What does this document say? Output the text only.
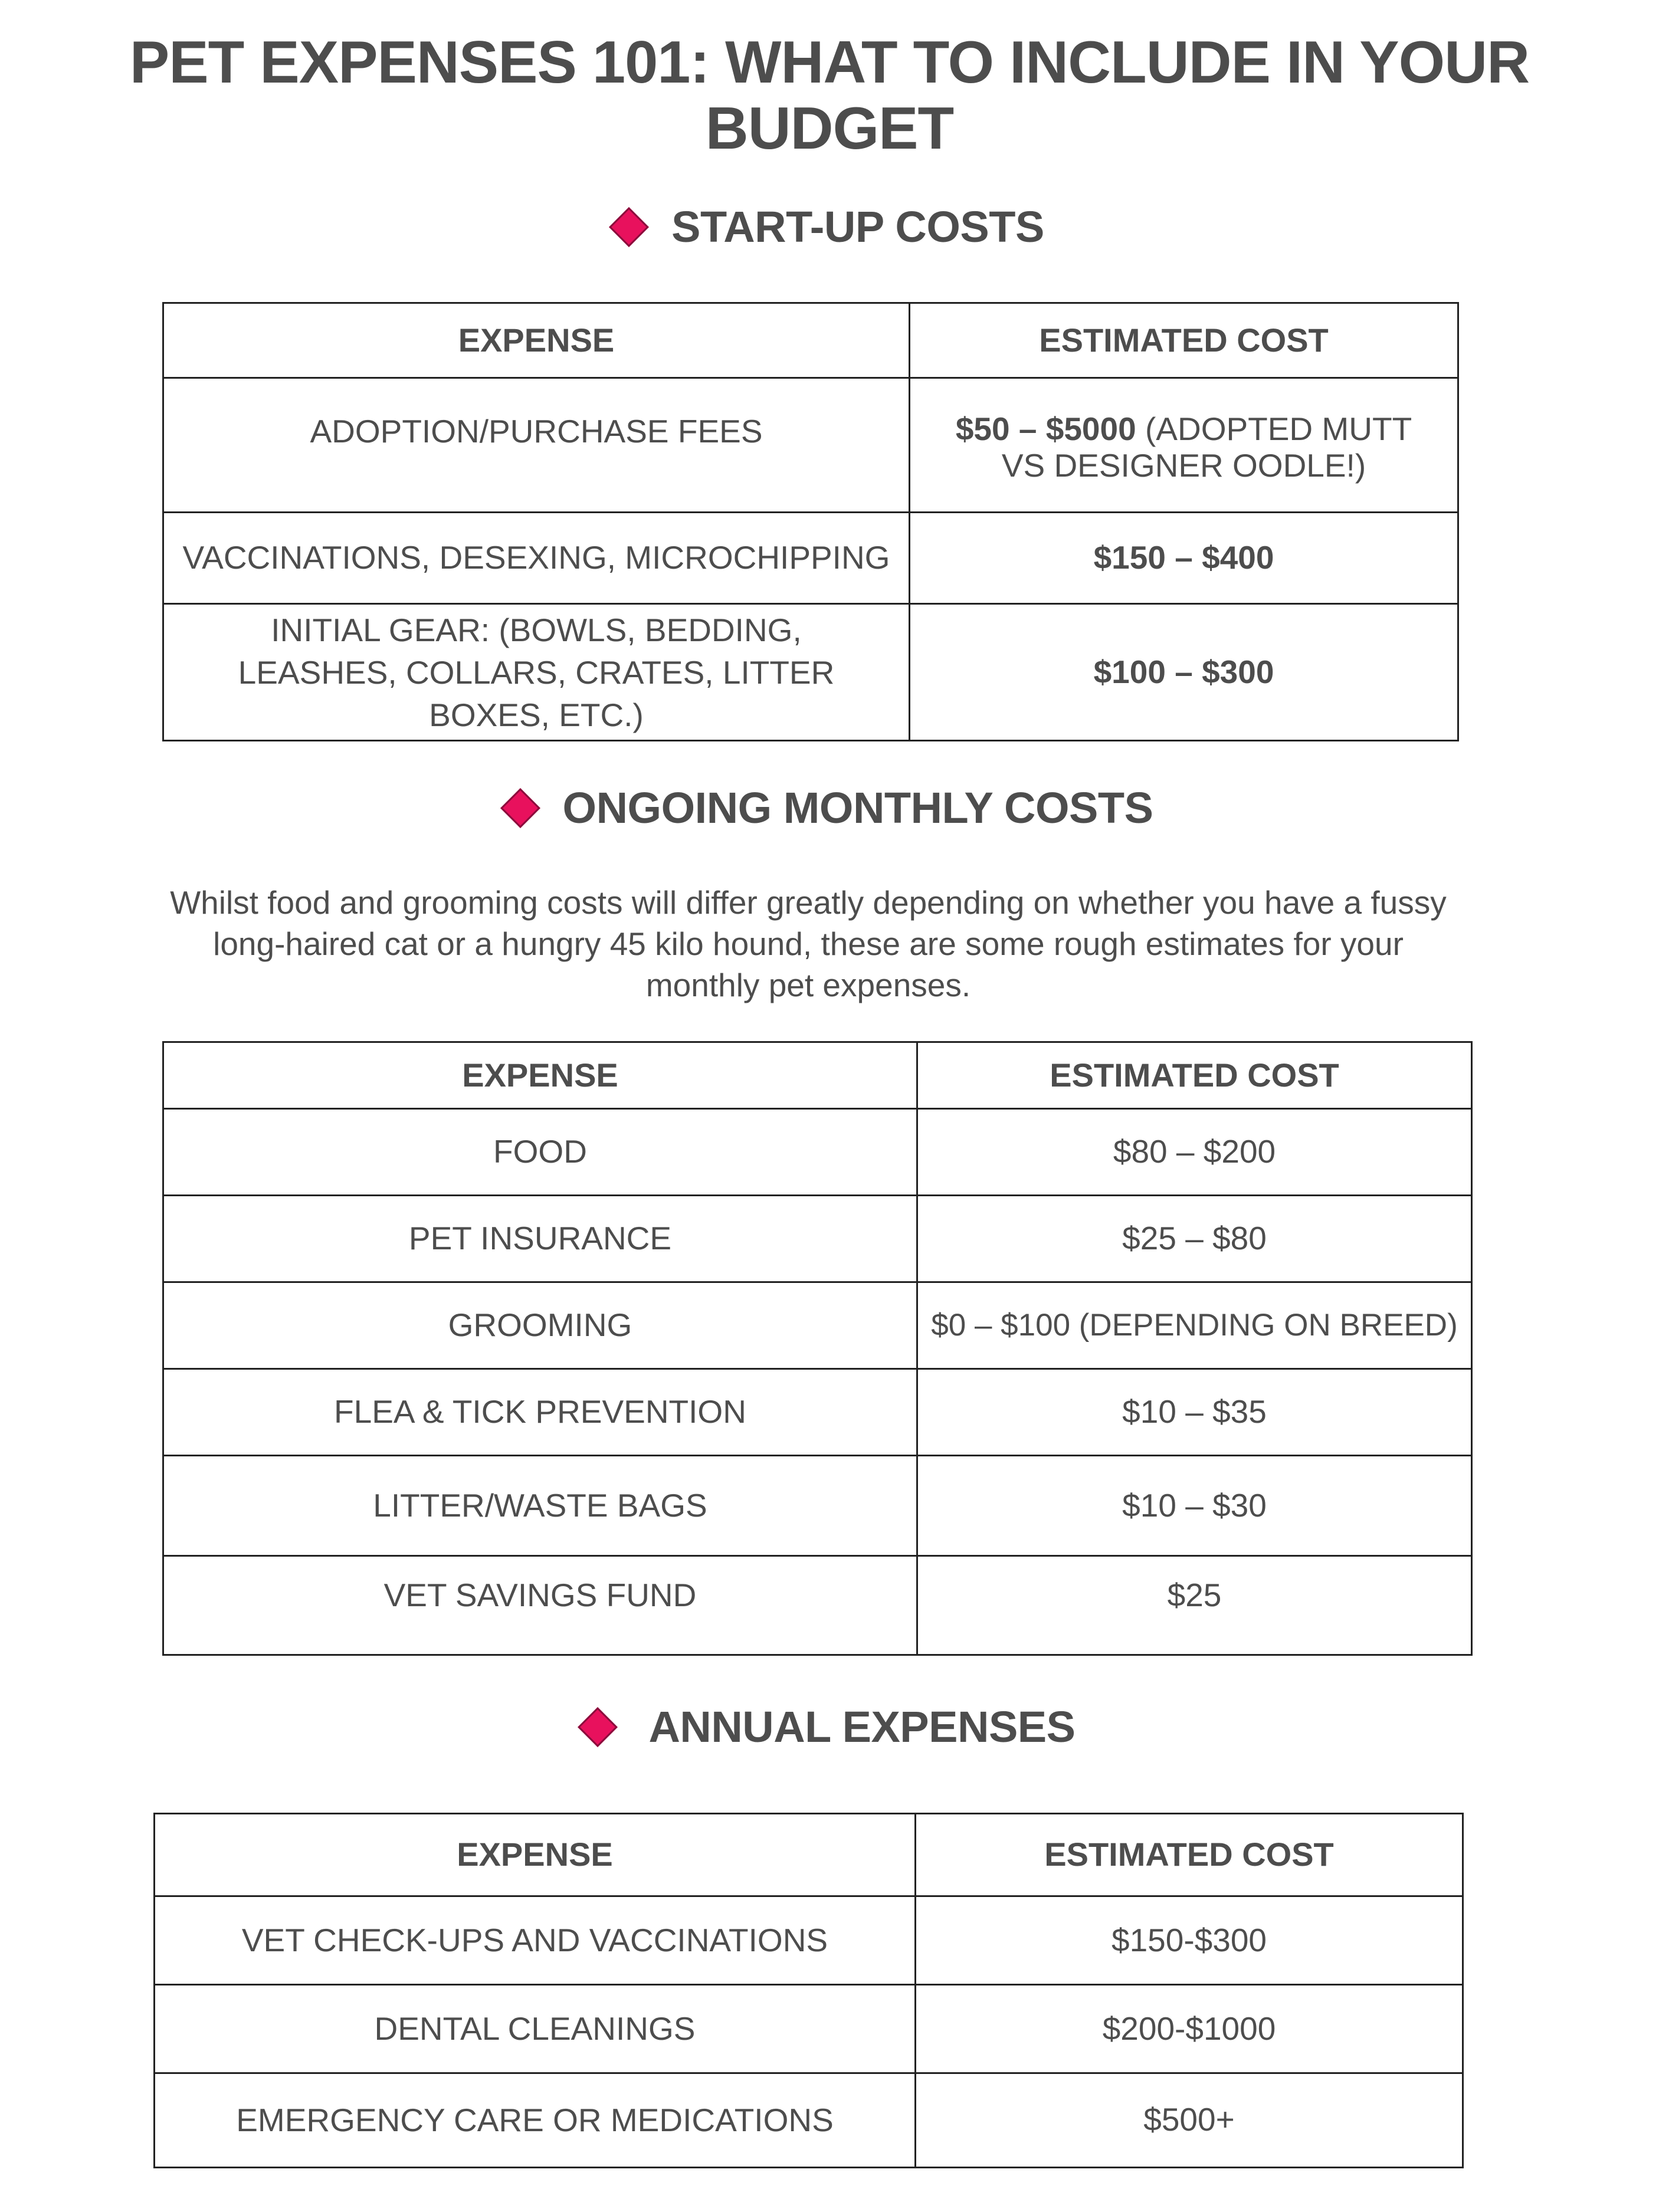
PET EXPENSES 101: WHAT TO INCLUDE IN YOUR BUDGET
START-UP COSTS
EXPENSE	ESTIMATED COST
ADOPTION/PURCHASE FEES	$50 – $5000 (ADOPTED MUTT VS DESIGNER OODLE!)
VACCINATIONS, DESEXING, MICROCHIPPING	$150 – $400
INITIAL GEAR: (BOWLS, BEDDING, LEASHES, COLLARS, CRATES, LITTER BOXES, ETC.)	$100 – $300
ONGOING MONTHLY COSTS

Whilst food and grooming costs will differ greatly depending on whether you have a fussy long-haired cat or a hungry 45 kilo hound, these are some rough estimates for your monthly pet expenses.

EXPENSE	ESTIMATED COST
FOOD	$80 – $200
PET INSURANCE	$25 – $80
GROOMING	$0 – $100 (DEPENDING ON BREED)
FLEA & TICK PREVENTION	$10 – $35
LITTER/WASTE BAGS	$10 – $30
VET SAVINGS FUND	$25
ANNUAL EXPENSES
EXPENSE	ESTIMATED COST
VET CHECK-UPS AND VACCINATIONS	$150-$300
DENTAL CLEANINGS	$200-$1000
EMERGENCY CARE OR MEDICATIONS	$500+
